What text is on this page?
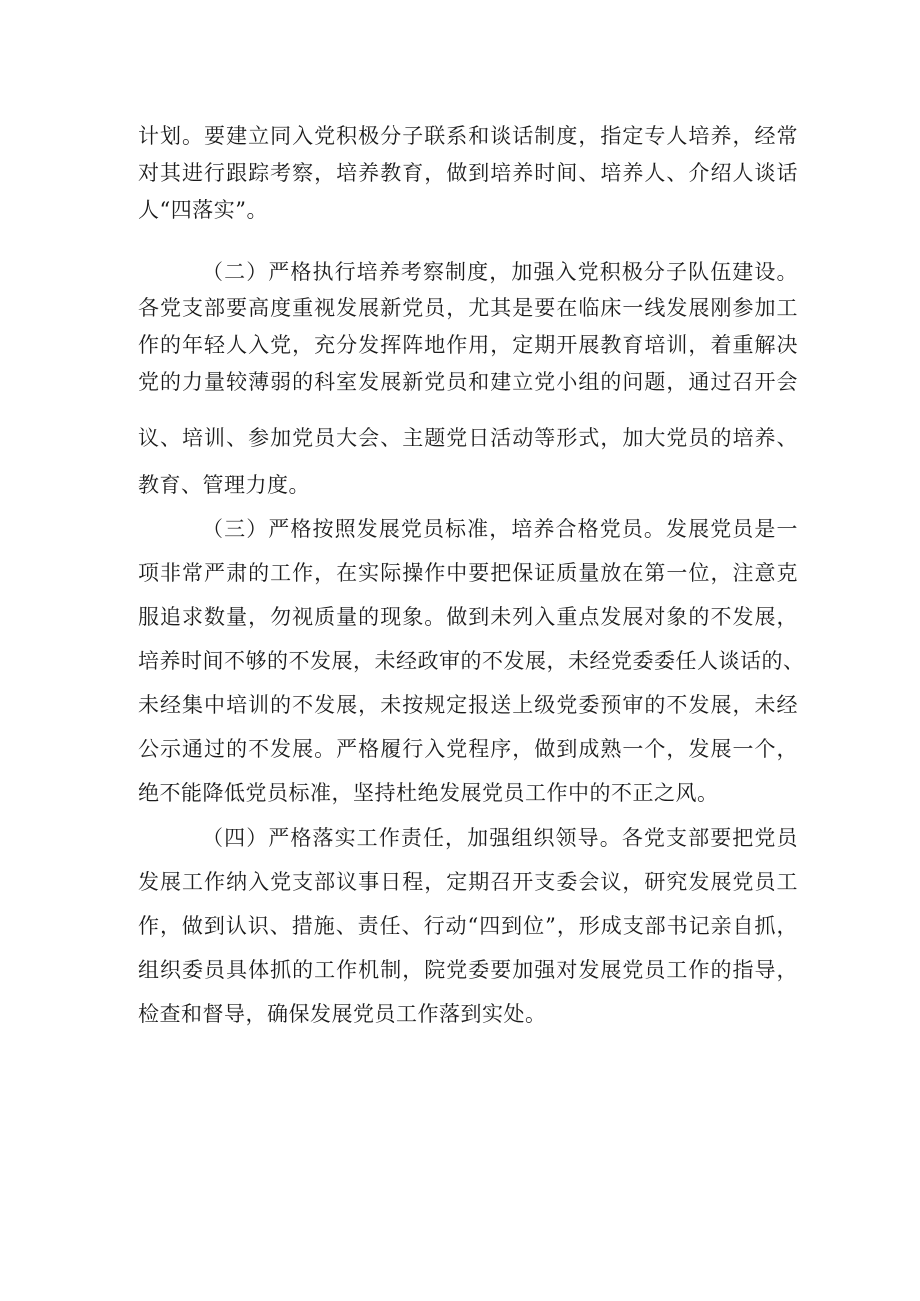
计划。要建立同入党积极分子联系和谈话制度，指定专人培养，经常
对其进行跟踪考察，培养教育，做到培养时间、培养人、介绍人谈话
人“四落实”。
（二）严格执行培养考察制度，加强入党积极分子队伍建设。
各党支部要高度重视发展新党员，尤其是要在临床一线发展刚参加工
作的年轻人入党，充分发挥阵地作用，定期开展教育培训，着重解决
党的力量较薄弱的科室发展新党员和建立党小组的问题，通过召开会
议、培训、参加党员大会、主题党日活动等形式，加大党员的培养、
教育、管理力度。
（三）严格按照发展党员标准，培养合格党员。发展党员是一
项非常严肃的工作，在实际操作中要把保证质量放在第一位，注意克
服追求数量，勿视质量的现象。做到未列入重点发展对象的不发展，
培养时间不够的不发展，未经政审的不发展，未经党委委任人谈话的、
未经集中培训的不发展，未按规定报送上级党委预审的不发展，未经
公示通过的不发展。严格履行入党程序，做到成熟一个，发展一个，
绝不能降低党员标准，坚持杜绝发展党员工作中的不正之风。
（四）严格落实工作责任，加强组织领导。各党支部要把党员
发展工作纳入党支部议事日程，定期召开支委会议，研究发展党员工
作，做到认识、措施、责任、行动“四到位”，形成支部书记亲自抓，
组织委员具体抓的工作机制，院党委要加强对发展党员工作的指导，
检查和督导，确保发展党员工作落到实处。
